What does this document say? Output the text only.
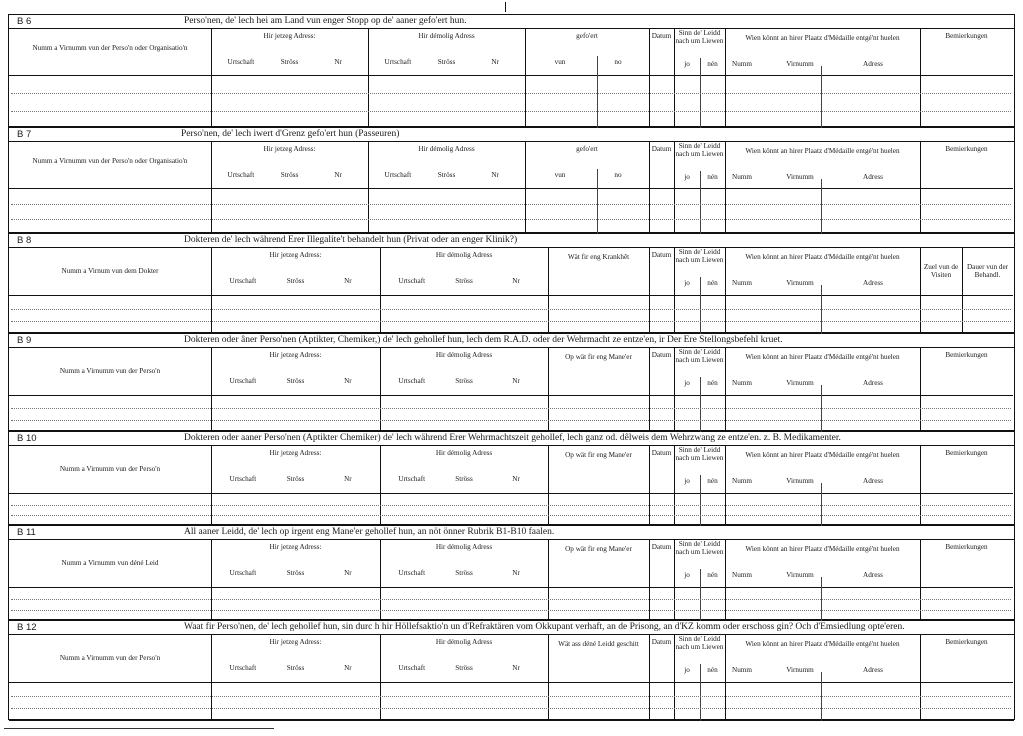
B 6	Perso'nen, de' lech hei am Land vun enger Stopp op de' aaner gefo'ert hun.
Numm a Virnumm vun der Perso'n oder Organisatio'n
Hir jetzeg Adress:
Urtschaft	Ströss	Nr
Hir démolig Adress
Urtschaft	Ströss	Nr
gefo'ert
vun	no
Datum	Sinn de' Leidd nach um Liewen
jo	nén
Wien könnt an hirer Plaatz d'Médaille entgé'nt huelen
Numm	Virnumm	Adress
Bemierkungen
B 7	Perso'nen, de' lech iwert d'Grenz gefo'ert hun (Passeuren)
Numm a Virnumm vun der Perso'n oder Organisatio'n
Hir jetzeg Adress:
Urtschaft	Ströss	Nr
Hir démolig Adress
Urtschaft	Ströss	Nr
gefo'ert
vun	no
Datum	Sinn de' Leidd nach um Liewen
jo	nén
Wien könnt an hirer Plaatz d'Médaille entgé'nt huelen
Numm	Virnumm	Adress
Bemierkungen
B 8	Dokteren de' lech während Erer Illegalite't behandelt hun (Privat oder an enger Klinik?)
Numm a Virnum vun dem Dokter
Hir jetzeg Adress:
Urtschaft	Ströss	Nr
Hir démolig Adress
Urtschaft	Ströss	Nr
Wät fir eng Krankhêt	Datum	Sinn de' Leidd nach um Liewen
jo	nén
Wien könnt an hirer Plaatz d'Médaille entgé'nt huelen
Numm	Virnumm	Adress
Zuel vun de Visiten
Dauer vun der Behandl.
B 9	Dokteren oder âner Perso'nen (Aptikter, Chemiker,) de' lech gehollef hun, lech dem R.A.D. oder der Wehrmacht ze entze'en, ir Der Ere Stellongsbefehl kruet.
Numm a Virnumm vun der Perso'n
Hir jetzeg Adress:
Urtschaft	Ströss	Nr
Hir démolig Adress
Urtschaft	Ströss	Nr
Op wät fir eng Mane'er	Datum	Sinn de' Leidd nach um Liewen
jo	nén
Wien könnt an hirer Plaatz d'Médaille entgé'nt huelen
Numm	Virnumm	Adress
Bemierkungen
B 10	Dokteren oder aaner Perso'nen (Aptikter Chemiker) de' lech während Erer Wehrmachtszeit gehollef, lech ganz od. dêlweis dem Wehrzwang ze entze'en. z. B. Medikamenter.
Numm a Virnumm vun der Perso'n
Hir jetzeg Adress:
Urtschaft	Ströss	Nr
Hir démolig Adress
Urtschaft	Ströss	Nr
Op wät fir eng Mane'er	Datum	Sinn de' Leidd nach um Liewen
jo	nén
Wien könnt an hirer Plaatz d'Médaille entgé'nt huelen
Numm	Virnumm	Adress
Bemierkungen
B 11	All aaner Leidd, de' lech op irgent eng Mane'er gehollef hun, an nöt önner Rubrik B1-B10 faalen.
Numm a Virnumm vun déné Leid
Hir jetzeg Adress:
Urtschaft	Ströss	Nr
Hir démolig Adress
Urtschaft	Ströss	Nr
Op wät fir eng Mane'er	Datum	Sinn de' Leidd nach um Liewen
jo	nén
Wien könnt an hirer Plaatz d'Médaille entgé'nt huelen
Numm	Virnumm	Adress
Bemierkungen
B 12	Waat fir Perso'nen, de' lech gehollef hun, sin durc h hir Höllefsaktio'n un d'Refraktären vom Okkupant verhaft, an de Prisong, an d'KZ komm oder erschoss gin? Och d'Emsiedlung opte'eren.
Numm a Virnumm vun der Perso'n
Hir jetzeg Adress:
Urtschaft	Ströss	Nr
Hir démolig Adress
Urtschaft	Ströss	Nr
Wät ass déné Leidd geschitt	Datum	Sinn de' Leidd nach um Liewen
jo	nén
Wien könnt an hirer Plaatz d'Médaille entgé'nt huelen
Numm	Virnumm	Adress
Bemierkungen
